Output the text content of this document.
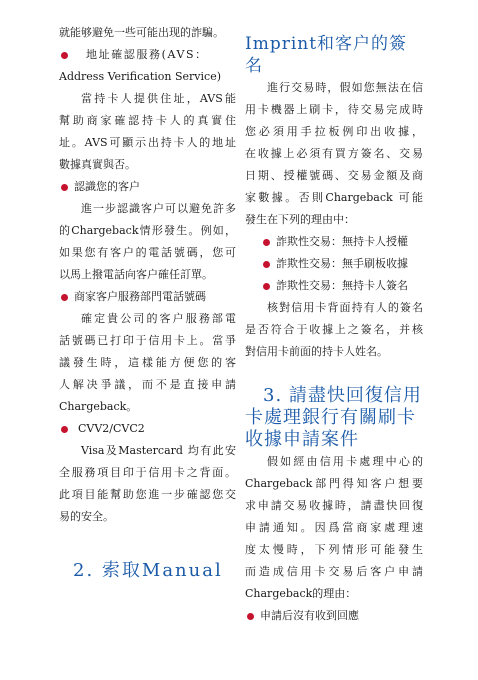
就能够避免一些可能出现的詐騙。

地址確認服務(AVS：

Address Verification Service)

當持卡人提供住址，AVS能

幫助商家確認持卡人的真實住

址。AVS可顯示出持卡人的地址

數據真實與否。

認識您的客户

進一步認識客户可以避免許多

的Chargeback情形發生。例如，

如果您有客户的電話號碼，您可

以馬上撥電話向客户確任訂單。

商家客户服務部門電話號碼

確定貴公司的客户服務部電

話號碼已打印于信用卡上。當爭

議發生時，這樣能方便您的客

人解决爭議，而不是直接申請

Chargeback。

CVV2/CVC2

Visa及Mastercard 均有此安

全服務項目印于信用卡之背面。

此項目能幫助您進一步確認您交

易的安全。

2. 索取Manual

Imprint和客户的簽名

進行交易時，假如您無法在信

用卡機器上刷卡，待交易完成時

您必須用手拉板例印出收據，

在收據上必須有買方簽名、交易

日期、授權號碼、交易金額及商

家數據。否則Chargeback 可能

發生在下列的理由中：

詐欺性交易：無持卡人授權
詐欺性交易：無手刷板收據
詐欺性交易：無持卡人簽名

核對信用卡背面持有人的簽名

是否符合于收據上之簽名，并核

對信用卡前面的持卡人姓名。

3. 請盡快回復信用

卡處理銀行有關刷卡

收據申請案件

假如經由信用卡處理中心的

Chargeback部門得知客户想要

求申請交易收據時，請盡快回復

申請通知。因爲當商家處理速

度太慢時，下列情形可能發生

而造成信用卡交易后客户申請

Chargeback的理由：

申請后沒有收到回應
